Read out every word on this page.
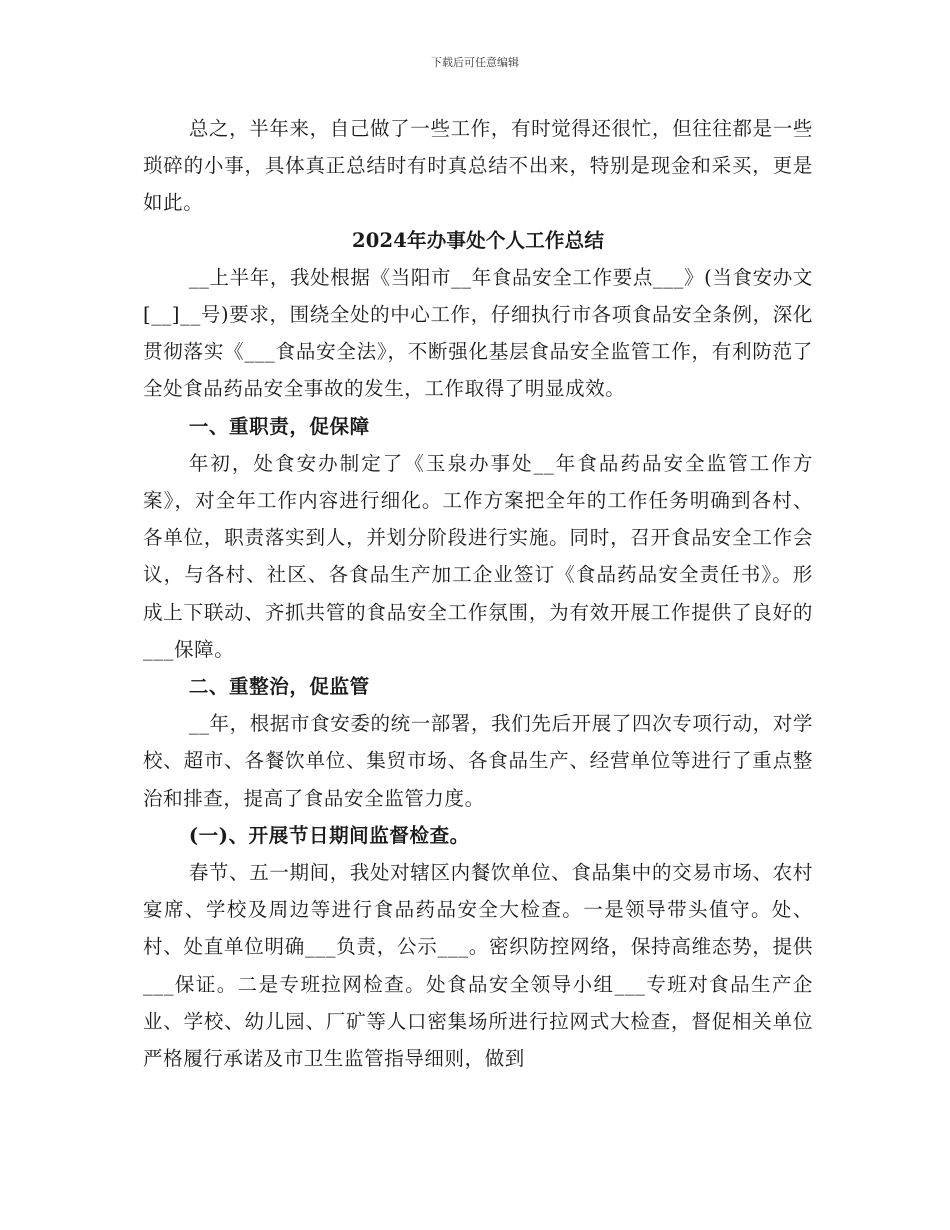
下载后可任意编辑

总之，半年来，自己做了一些工作，有时觉得还很忙，但往往都是一些琐碎的小事，具体真正总结时有时真总结不出来，特别是现金和采买，更是如此。

2024年办事处个人工作总结

__上半年，我处根据《当阳市__年食品安全工作要点___》(当食安办文[__]__号)要求，围绕全处的中心工作，仔细执行市各项食品安全条例，深化贯彻落实《___食品安全法》，不断强化基层食品安全监管工作，有利防范了全处食品药品安全事故的发生，工作取得了明显成效。

一、重职责，促保障

年初，处食安办制定了《玉泉办事处__年食品药品安全监管工作方案》，对全年工作内容进行细化。工作方案把全年的工作任务明确到各村、各单位，职责落实到人，并划分阶段进行实施。同时，召开食品安全工作会议，与各村、社区、各食品生产加工企业签订《食品药品安全责任书》。形成上下联动、齐抓共管的食品安全工作氛围，为有效开展工作提供了良好的___保障。

二、重整治，促监管

__年，根据市食安委的统一部署，我们先后开展了四次专项行动，对学校、超市、各餐饮单位、集贸市场、各食品生产、经营单位等进行了重点整治和排查，提高了食品安全监管力度。

(一)、开展节日期间监督检查。

春节、五一期间，我处对辖区内餐饮单位、食品集中的交易市场、农村宴席、学校及周边等进行食品药品安全大检查。一是领导带头值守。处、村、处直单位明确___负责，公示___。密织防控网络，保持高维态势，提供___保证。二是专班拉网检查。处食品安全领导小组___专班对食品生产企业、学校、幼儿园、厂矿等人口密集场所进行拉网式大检查，督促相关单位严格履行承诺及市卫生监管指导细则，做到
